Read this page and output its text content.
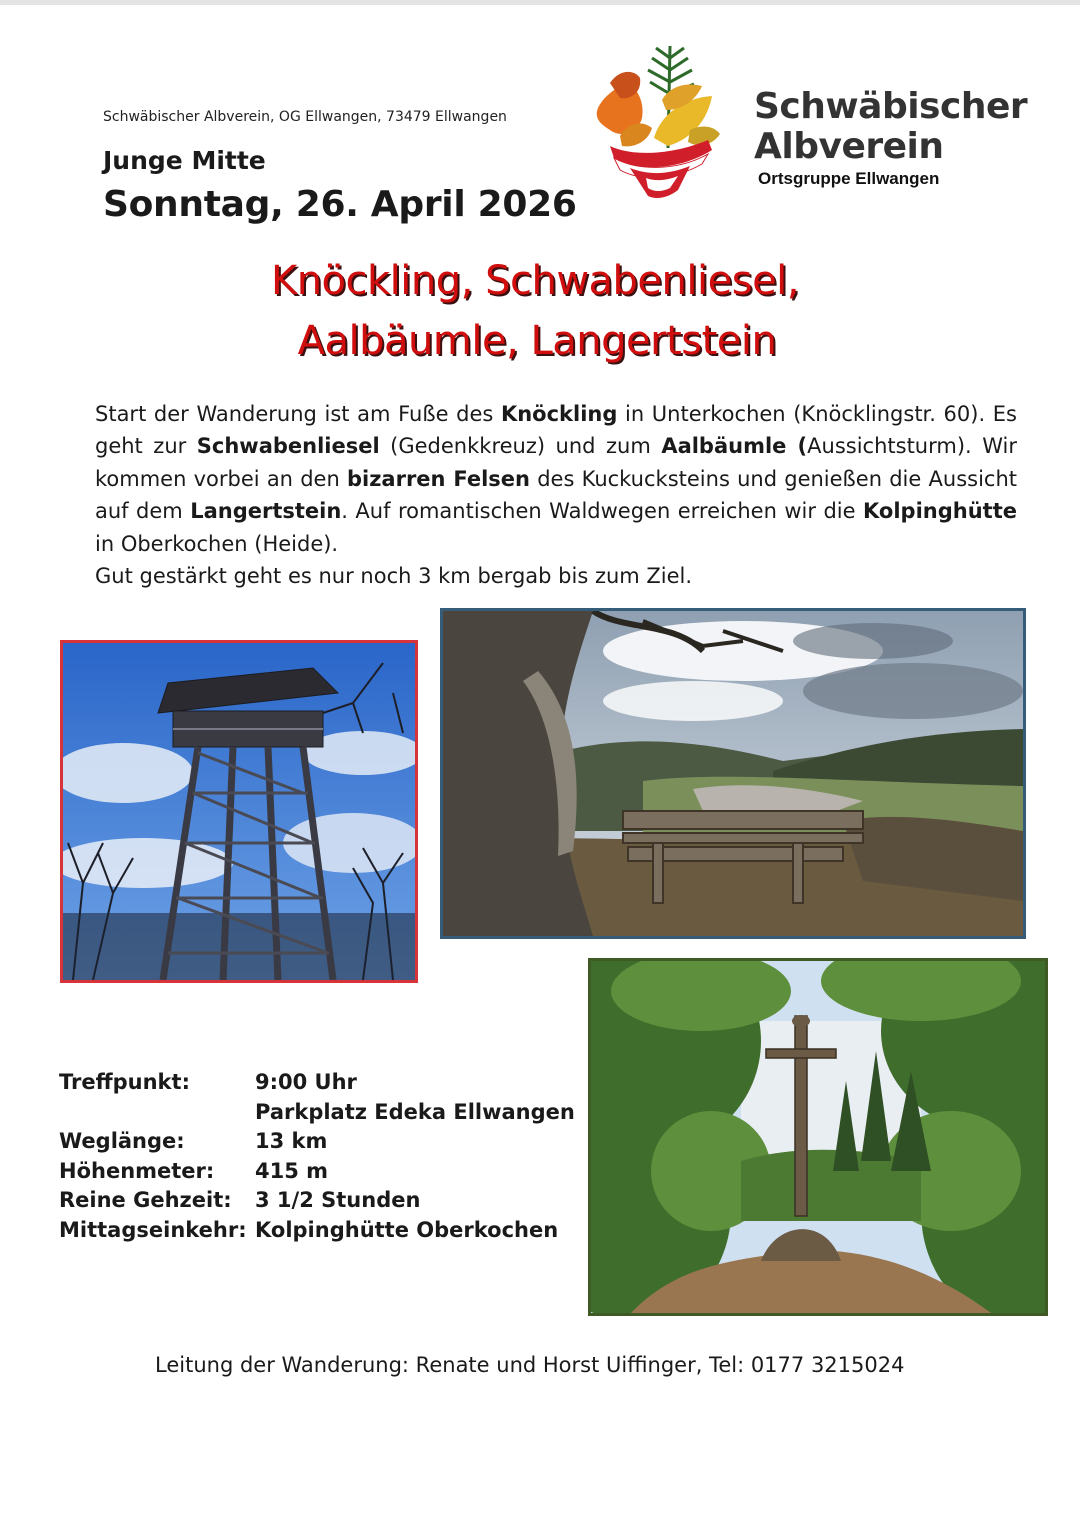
Schwäbischer Albverein, OG Ellwangen, 73479 Ellwangen
Junge Mitte
Sonntag, 26. April 2026
Schwäbischer
Albverein
Ortsgruppe Ellwangen
Knöckling, Schwabenliesel,
Aalbäumle, Langertstein

Start der Wanderung ist am Fuße des Knöckling in Unterkochen (Knöcklingstr. 60). Es geht zur Schwabenliesel (Gedenkkreuz) und zum Aalbäumle (Aussichtsturm). Wir kommen vorbei an den bizarren Felsen des Kuckucksteins und genießen die Aussicht auf dem Langertstein. Auf romantischen Waldwegen erreichen wir die Kolpinghütte in Oberkochen (Heide).

Gut gestärkt geht es nur noch 3 km bergab bis zum Ziel.

Treffpunkt:	9:00 Uhr
Parkplatz Edeka Ellwangen
Weglänge:	13 km
Höhenmeter:	415 m
Reine Gehzeit:	3 1/2 Stunden
Mittagseinkehr: Kolpinghütte Oberkochen
Leitung der Wanderung: Renate und Horst Uiffinger, Tel: 0177 3215024
